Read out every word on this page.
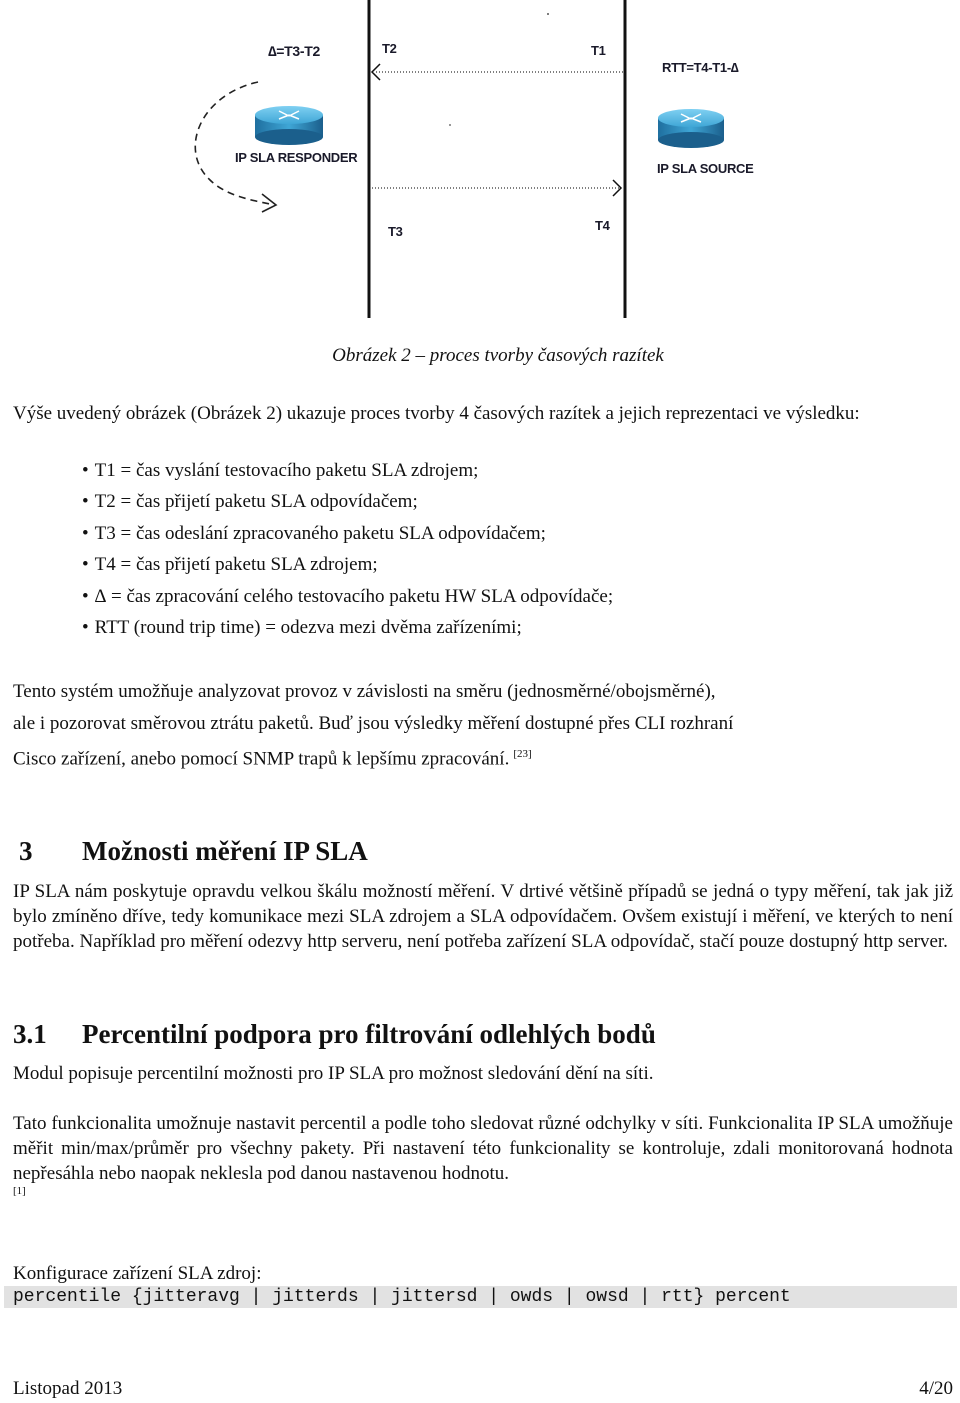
∆=T3-T2	T2	T1
RTT=T4-T1-∆
IP SLA RESPONDER
IP SLA SOURCE
T3	T4
Obrázek 2 – proces tvorby časových razítek
Výše uvedený obrázek (Obrázek 2) ukazuje proces tvorby 4 časových razítek a jejich reprezentaci ve výsledku:
• T1 = čas vyslání testovacího paketu SLA zdrojem;
• T2 = čas přijetí paketu SLA odpovídačem;
• T3 = čas odeslání zpracovaného paketu SLA odpovídačem;
• T4 = čas přijetí paketu SLA zdrojem;
• ∆ = čas zpracování celého testovacího paketu HW SLA odpovídače;
• RTT (round trip time) = odezva mezi dvěma zařízeními;
Tento systém umožňuje analyzovat provoz v závislosti na směru (jednosměrné/obojsměrné),
ale i pozorovat směrovou ztrátu paketů. Buď jsou výsledky měření dostupné přes CLI rozhraní
Cisco zařízení, anebo pomocí SNMP trapů k lepšímu zpracování. [23]
3 Možnosti měření IP SLA
IP SLA nám poskytuje opravdu velkou škálu možností měření. V drtivé většině případů se jedná o typy měření, tak jak již bylo zmíněno dříve, tedy komunikace mezi SLA zdrojem a SLA odpovídačem. Ovšem existují i měření, ve kterých to není potřeba. Například pro měření odezvy http serveru, není potřeba zařízení SLA odpovídač, stačí pouze dostupný http server.
3.1 Percentilní podpora pro filtrování odlehlých bodů
Modul popisuje percentilní možnosti pro IP SLA pro možnost sledování dění na síti.
Tato funkcionalita umožnuje nastavit percentil a podle toho sledovat různé odchylky v síti. Funkcionalita IP SLA umožňuje měřit min/max/průměr pro všechny pakety. Při nastavení této funkcionality se kontroluje, zdali monitorovaná hodnota nepřesáhla nebo naopak neklesla pod danou nastavenou hodnotu.
[1]
Konfigurace zařízení SLA zdroj:
percentile {jitteravg | jitterds | jittersd | owds | owsd | rtt} percent
Listopad 2013	4/20
